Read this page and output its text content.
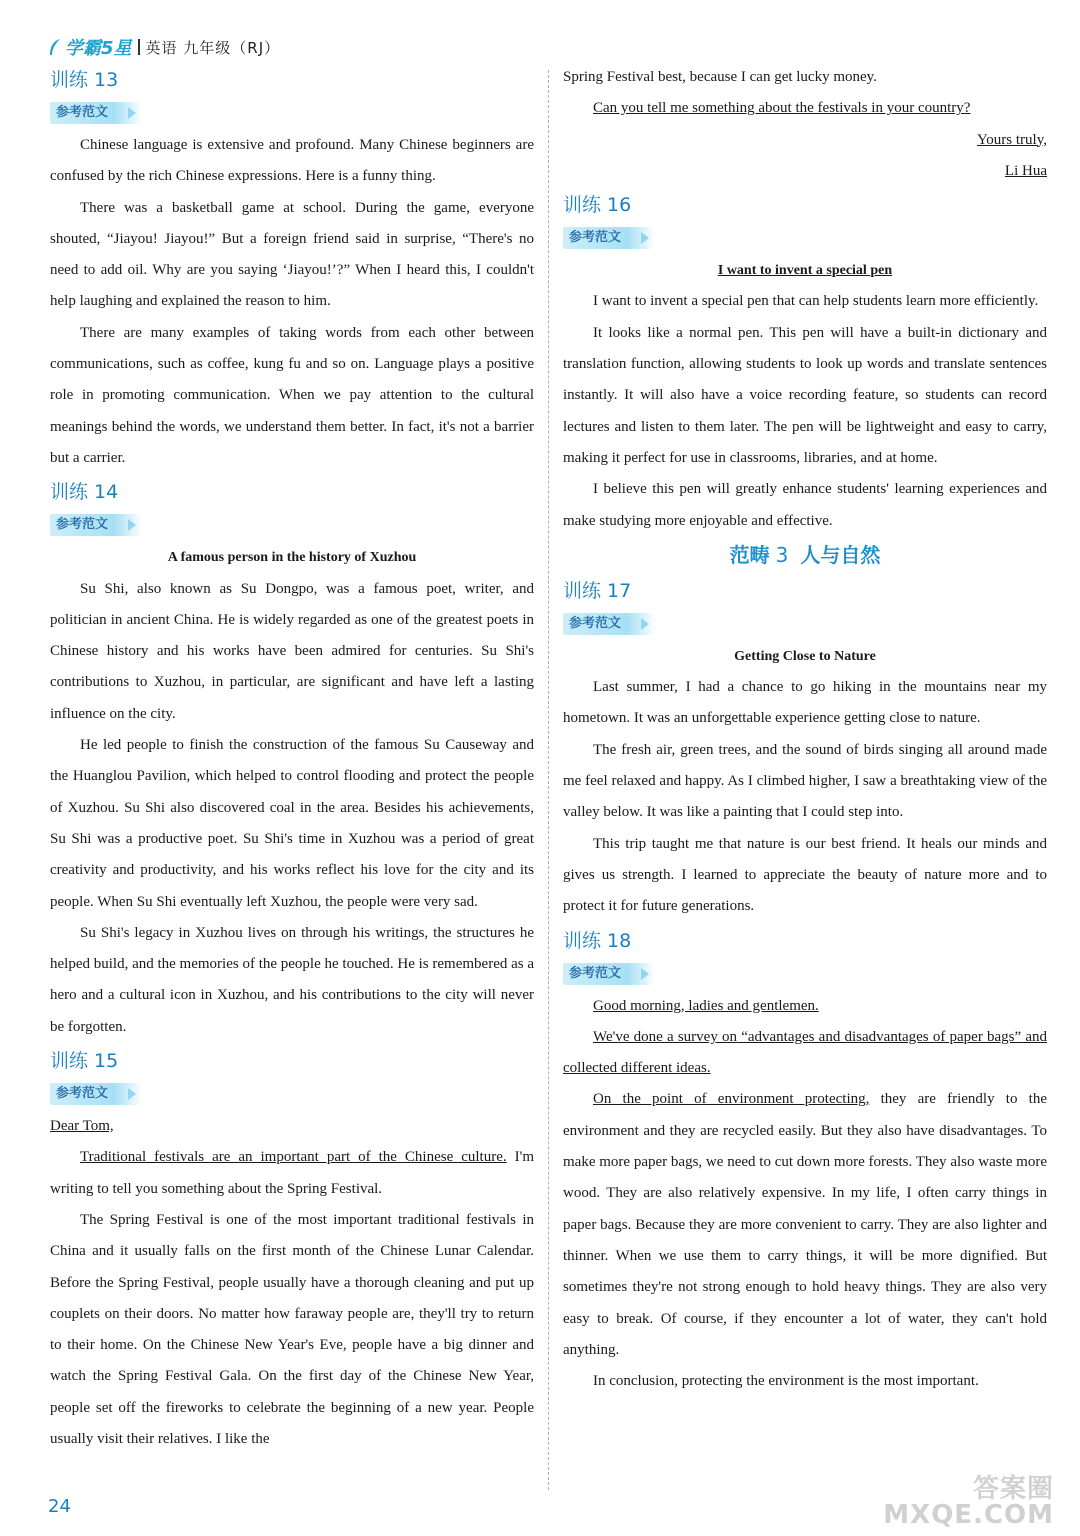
学霸5星 英语 九年级（RJ）
训练 13
参考范文

Chinese language is extensive and profound. Many Chinese beginners are confused by the rich Chinese expressions. Here is a funny thing.

There was a basketball game at school. During the game, everyone shouted, “Jiayou! Jiayou!” But a foreign friend said in surprise, “There's no need to add oil. Why are you saying ‘Jiayou!’?” When I heard this, I couldn't help laughing and explained the reason to him.

There are many examples of taking words from each other between communications, such as coffee, kung fu and so on. Language plays a positive role in promoting communication. When we pay attention to the cultural meanings behind the words, we understand them better. In fact, it's not a barrier but a carrier.

训练 14
参考范文
A famous person in the history of Xuzhou

Su Shi, also known as Su Dongpo, was a famous poet, writer, and politician in ancient China. He is widely regarded as one of the greatest poets in Chinese history and his works have been admired for centuries. Su Shi's contributions to Xuzhou, in particular, are significant and have left a lasting influence on the city.

He led people to finish the construction of the famous Su Causeway and the Huanglou Pavilion, which helped to control flooding and protect the people of Xuzhou. Su Shi also discovered coal in the area. Besides his achievements, Su Shi was a productive poet. Su Shi's time in Xuzhou was a period of great creativity and productivity, and his works reflect his love for the city and its people. When Su Shi eventually left Xuzhou, the people were very sad.

Su Shi's legacy in Xuzhou lives on through his writings, the structures he helped build, and the memories of the people he touched. He is remembered as a hero and a cultural icon in Xuzhou, and his contributions to the city will never be forgotten.

训练 15
参考范文

Dear Tom,

Traditional festivals are an important part of the Chinese culture. I'm writing to tell you something about the Spring Festival.

The Spring Festival is one of the most important traditional festivals in China and it usually falls on the first month of the Chinese Lunar Calendar. Before the Spring Festival, people usually have a thorough cleaning and put up couplets on their doors. No matter how faraway people are, they'll try to return to their home. On the Chinese New Year's Eve, people have a big dinner and watch the Spring Festival Gala. On the first day of the Chinese New Year, people set off the fireworks to celebrate the beginning of a new year. People usually visit their relatives. I like the

Spring Festival best, because I can get lucky money.

Can you tell me something about the festivals in your country?

Yours truly,

Li Hua

训练 16
参考范文
I want to invent a special pen

I want to invent a special pen that can help students learn more efficiently.

It looks like a normal pen. This pen will have a built-in dictionary and translation function, allowing students to look up words and translate sentences instantly. It will also have a voice recording feature, so students can record lectures and listen to them later. The pen will be lightweight and easy to carry, making it perfect for use in classrooms, libraries, and at home.

I believe this pen will greatly enhance students' learning experiences and make studying more enjoyable and effective.

范畴 3 人与自然
训练 17
参考范文
Getting Close to Nature

Last summer, I had a chance to go hiking in the mountains near my hometown. It was an unforgettable experience getting close to nature.

The fresh air, green trees, and the sound of birds singing all around made me feel relaxed and happy. As I climbed higher, I saw a breathtaking view of the valley below. It was like a painting that I could step into.

This trip taught me that nature is our best friend. It heals our minds and gives us strength. I learned to appreciate the beauty of nature more and to protect it for future generations.

训练 18
参考范文

Good morning, ladies and gentlemen.

We've done a survey on “advantages and disadvantages of paper bags” and collected different ideas.

On the point of environment protecting, they are friendly to the environment and they are recycled easily. But they also have disadvantages. To make more paper bags, we need to cut down more forests. They also waste more wood. They are also relatively expensive. In my life, I often carry things in paper bags. Because they are more convenient to carry. They are also lighter and thinner. When we use them to carry things, it will be more dignified. But sometimes they're not strong enough to hold heavy things. They are also very easy to break. Of course, if they encounter a lot of water, they can't hold anything.

In conclusion, protecting the environment is the most important.

24
答案圈
MXQE.COM
